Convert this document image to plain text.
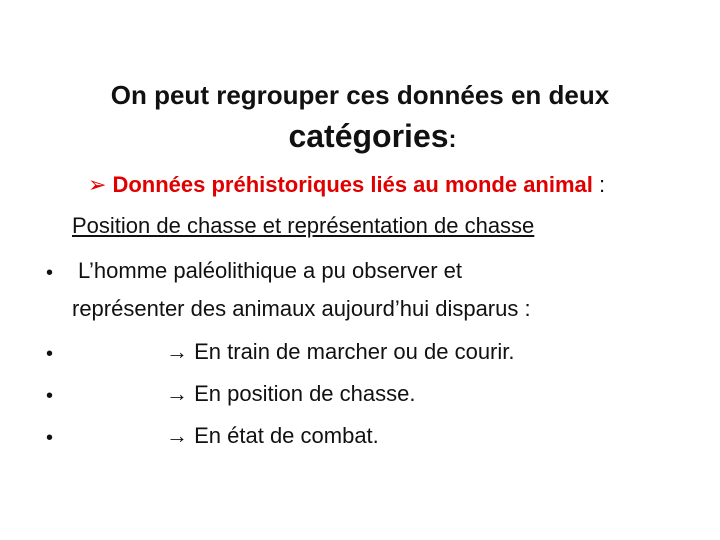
On peut regrouper ces données en deux
catégories:
➢ Données préhistoriques liés au monde animal :
Position de chasse et représentation de chasse
• L’homme paléolithique a pu observer et
représenter des animaux aujourd’hui disparus :
•	→ En train de marcher ou de courir.
•	→ En position de chasse.
•	→ En état de combat.
